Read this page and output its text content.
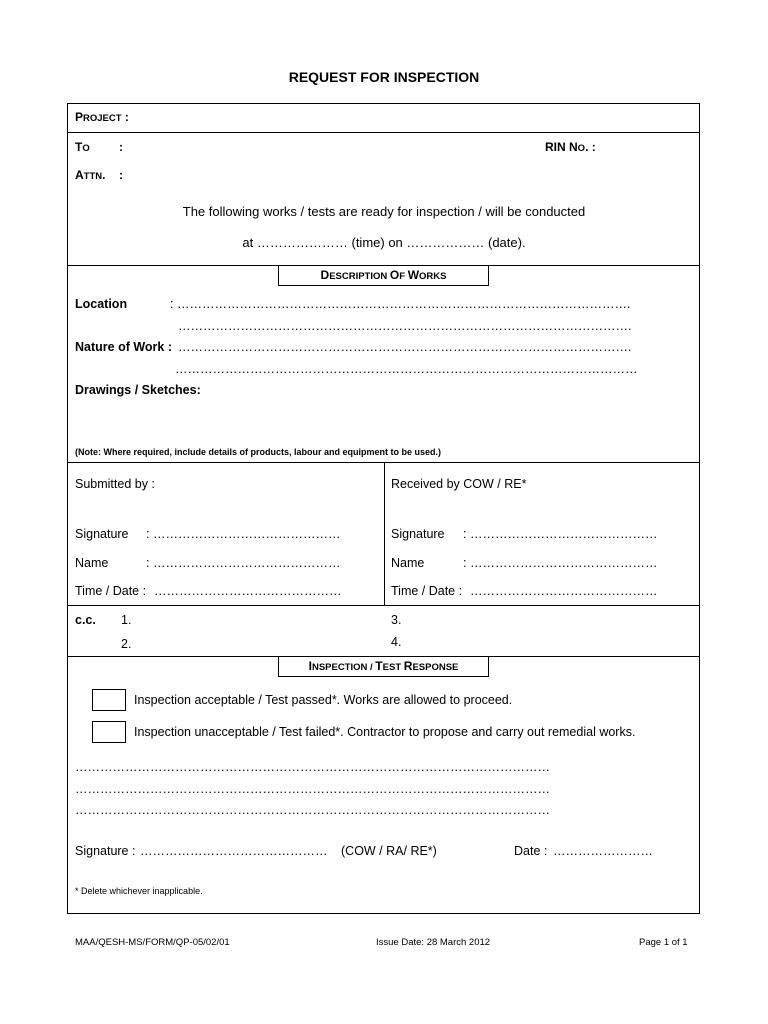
REQUEST FOR INSPECTION
PROJECT :
TO :	RIN NO. :
ATTN. :
The following works / tests are ready for inspection / will be conducted
at ………………… (time) on ……………… (date).
DESCRIPTION OF WORKS
Location	: ……………………………………………………………………………………………….
……………………………………………………………………………………………….
Nature of Work : ……………………………………………………………………………………………….
…………………………………………………………………………………………………
Drawings / Sketches:
(Note: Where required, include details of products, labour and equipment to be used.)
Submitted by :
Signature : ………………………………………
Name	: ………………………………………
Time / Date : ………………………………………
Received by COW / RE*
Signature : ………………………………………
Name	: ………………………………………
Time / Date : ………………………………………
c.c. 1.
2.
3.
4.
INSPECTION / TEST RESPONSE
Inspection acceptable / Test passed*. Works are allowed to proceed.
Inspection unacceptable / Test failed*. Contractor to propose and carry out remedial works.
……………………………………………………………………………………………………
……………………………………………………………………………………………………
……………………………………………………………………………………………………
Signature : ……………………………………… (COW / RA/ RE*)	Date : ……………………
* Delete whichever inapplicable.
MAA/QESH-MS/FORM/QP-05/02/01	Issue Date: 28 March 2012	Page 1 of 1
